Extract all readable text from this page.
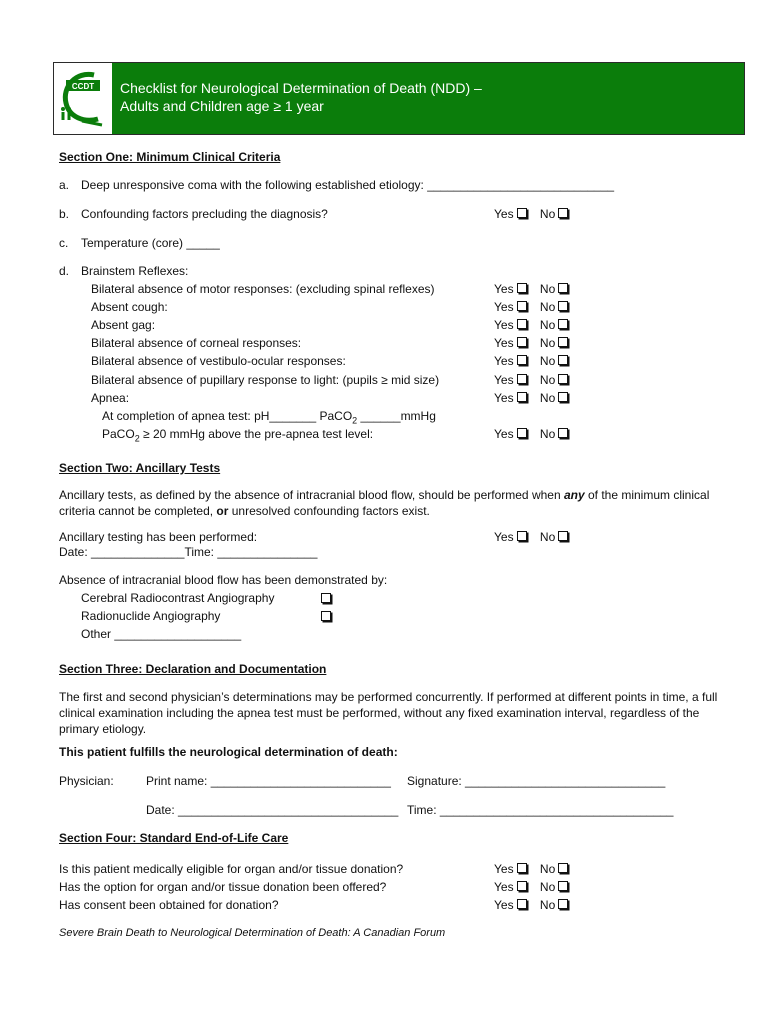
CCDT Checklist for Neurological Determination of Death (NDD) –
Adults and Children age ≥ 1 year
Section One: Minimum Clinical Criteria
a. Deep unresponsive coma with the following established etiology: ____________________________
b. Confounding factors precluding the diagnosis?	Yes No
c. Temperature (core) _____
d. Brainstem Reflexes:
Bilateral absence of motor responses: (excluding spinal reflexes)	Yes No
Absent cough:	Yes No
Absent gag:	Yes No
Bilateral absence of corneal responses:	Yes No
Bilateral absence of vestibulo-ocular responses:	Yes No
Bilateral absence of pupillary response to light: (pupils ≥ mid size)	Yes No
Apnea:	Yes No
At completion of apnea test: pH_______ PaCO$_2$ ______mmHg
PaCO$_2$ ≥ 20 mmHg above the pre-apnea test level:	Yes No
Section Two: Ancillary Tests
Ancillary tests, as defined by the absence of intracranial blood flow, should be performed when any of the minimum clinical criteria cannot be completed, or unresolved confounding factors exist.
Ancillary testing has been performed:	Yes No
Date: ______________Time: _______________
Absence of intracranial blood flow has been demonstrated by:
Cerebral Radiocontrast Angiography
Radionuclide Angiography
Other ___________________
Section Three: Declaration and Documentation
The first and second physician’s determinations may be performed concurrently. If performed at different points in time, a full clinical examination including the apnea test must be performed, without any fixed examination interval, regardless of the primary etiology.
This patient fulfills the neurological determination of death:
Physician:	Print name: ___________________________ Signature: ______________________________
Date: _________________________________ Time: ___________________________________
Section Four: Standard End-of-Life Care
Is this patient medically eligible for organ and/or tissue donation?	Yes No
Has the option for organ and/or tissue donation been offered?	Yes No
Has consent been obtained for donation?	Yes No
Severe Brain Death to Neurological Determination of Death: A Canadian Forum
